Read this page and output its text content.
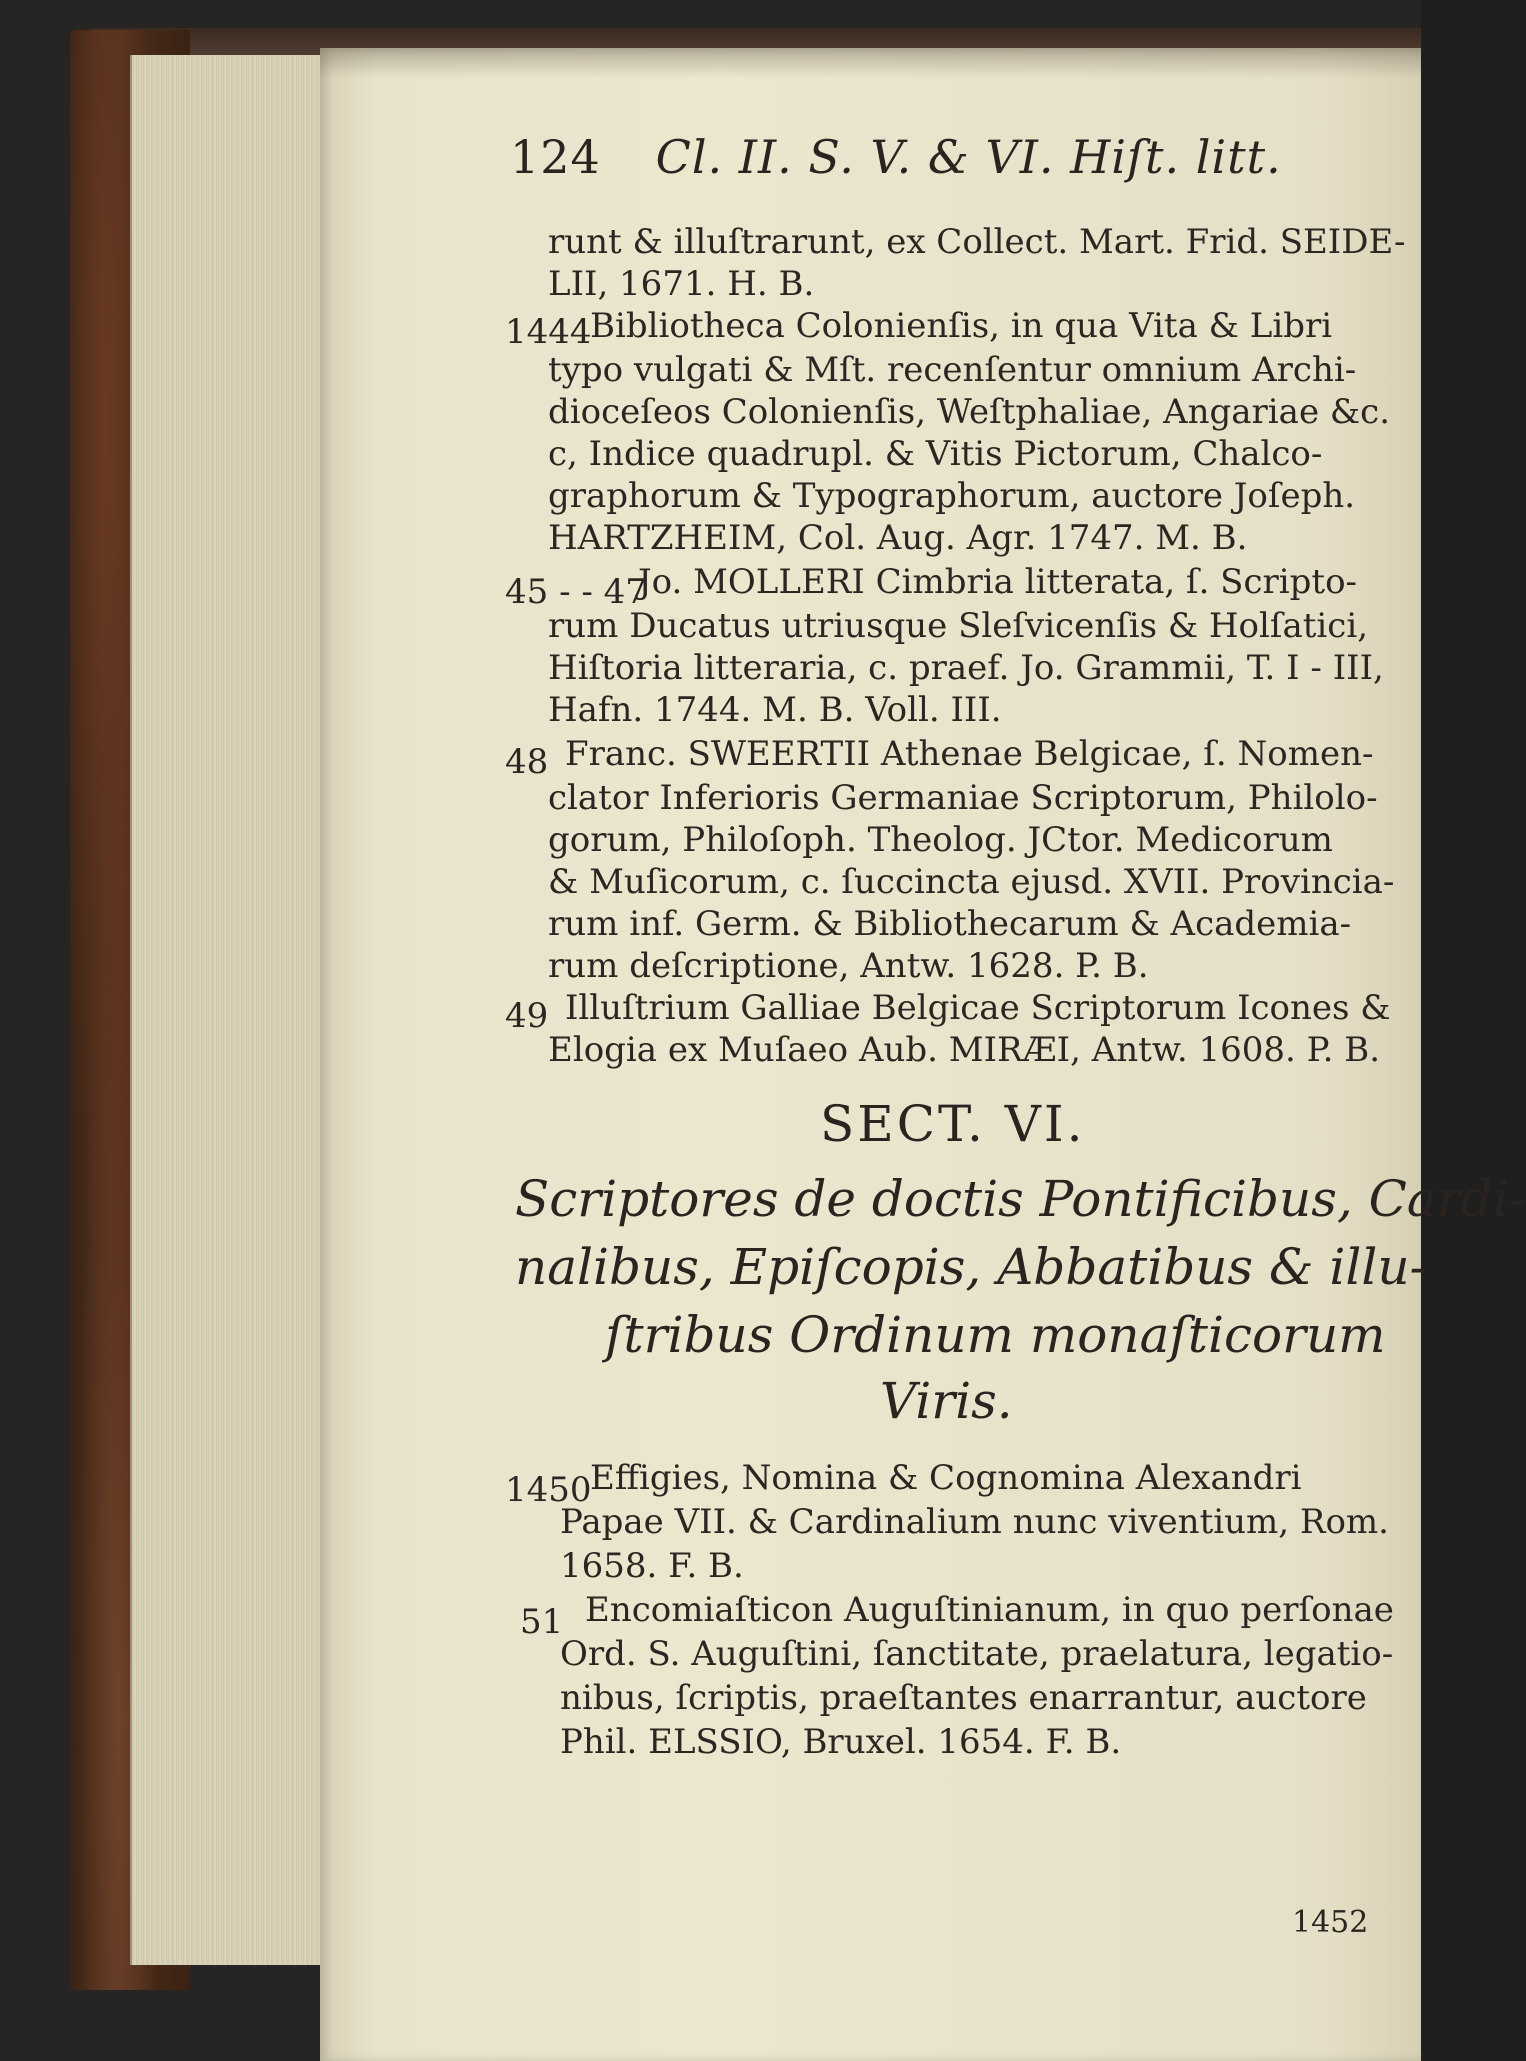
124 Cl. II. S. V. & VI. Hiſt. litt.
runt & illuſtrarunt, ex Collect. Mart. Frid. SEIDE-
LII, 1671. H. B.
1444
Bibliotheca Colonienſis, in qua Vita & Libri
typo vulgati & Mſt. recenſentur omnium Archi-
dioceſeos Colonienſis, Weſtphaliae, Angariae &c.
c, Indice quadrupl. & Vitis Pictorum, Chalco-
graphorum & Typographorum, auctore Joſeph.
HARTZHEIM, Col. Aug. Agr. 1747. M. B.
45 - - 47
Jo. MOLLERI Cimbria litterata, ſ. Scripto-
rum Ducatus utriusque Sleſvicenſis & Holſatici,
Hiſtoria litteraria, c. praef. Jo. Grammii, T. I - III,
Hafn. 1744. M. B. Voll. III.
48 Franc. SWEERTII Athenae Belgicae, ſ. Nomen-
clator Inferioris Germaniae Scriptorum, Philolo-
gorum, Philoſoph. Theolog. JCtor. Medicorum
& Muſicorum, c. ſuccincta ejusd. XVII. Provincia-
rum inf. Germ. & Bibliothecarum & Academia-
rum deſcriptione, Antw. 1628. P. B.
49 Illuſtrium Galliae Belgicae Scriptorum Icones &
Elogia ex Muſaeo Aub. MIRÆI, Antw. 1608. P. B.
SECT. VI.
Scriptores de doctis Pontificibus, Cardi-
nalibus, Epiſcopis, Abbatibus & illu-
ſtribus Ordinum monaſticorum
Viris.
1450
Effigies, Nomina & Cognomina Alexandri
Papae VII. & Cardinalium nunc viventium, Rom.
1658. F. B.
51 Encomiaſticon Auguſtinianum, in quo perſonae
Ord. S. Auguſtini, ſanctitate, praelatura, legatio-
nibus, ſcriptis, praeſtantes enarrantur, auctore
Phil. ELSSIO, Bruxel. 1654. F. B.
1452
